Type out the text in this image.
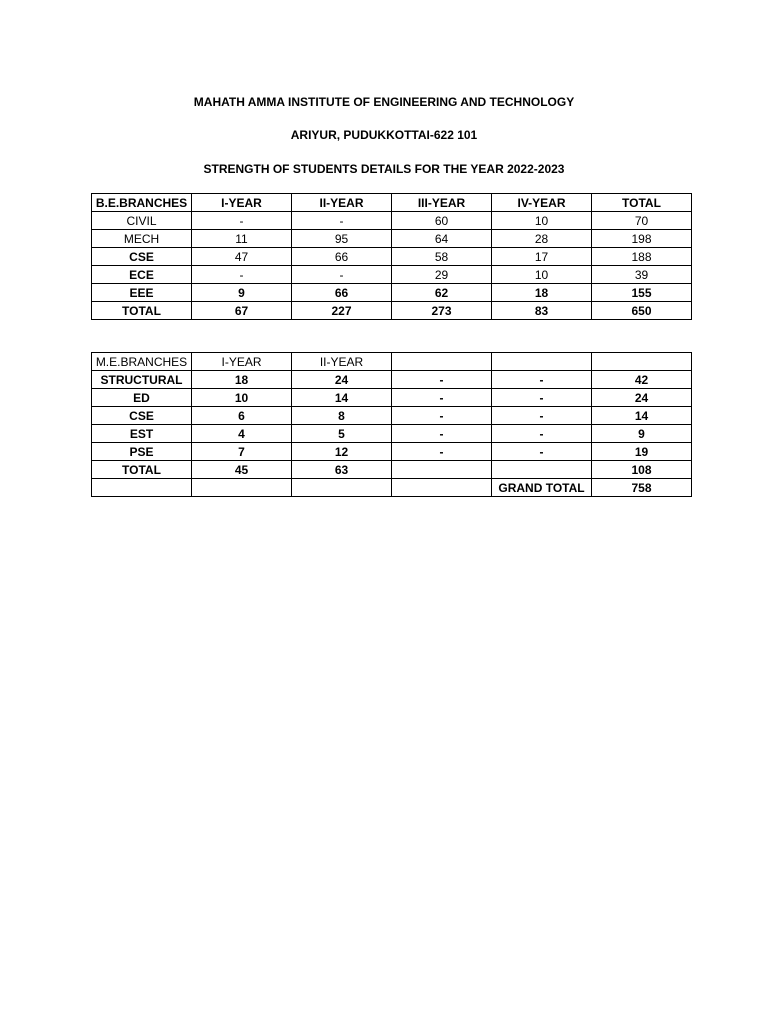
MAHATH AMMA INSTITUTE OF ENGINEERING AND TECHNOLOGY
ARIYUR, PUDUKKOTTAI-622 101
STRENGTH OF STUDENTS DETAILS FOR THE YEAR 2022-2023
B.E.BRANCHES	I-YEAR	II-YEAR	III-YEAR	IV-YEAR	TOTAL
CIVIL	-	-	60	10	70
MECH	11	95	64	28	198
CSE	47	66	58	17	188
ECE	-	-	29	10	39
EEE	9	66	62	18	155
TOTAL	67	227	273	83	650
M.E.BRANCHES	I-YEAR	II-YEAR			
STRUCTURAL	18	24	-	-	42
ED	10	14	-	-	24
CSE	6	8	-	-	14
EST	4	5	-	-	9
PSE	7	12	-	-	19
TOTAL	45	63			108
				GRAND TOTAL	758
